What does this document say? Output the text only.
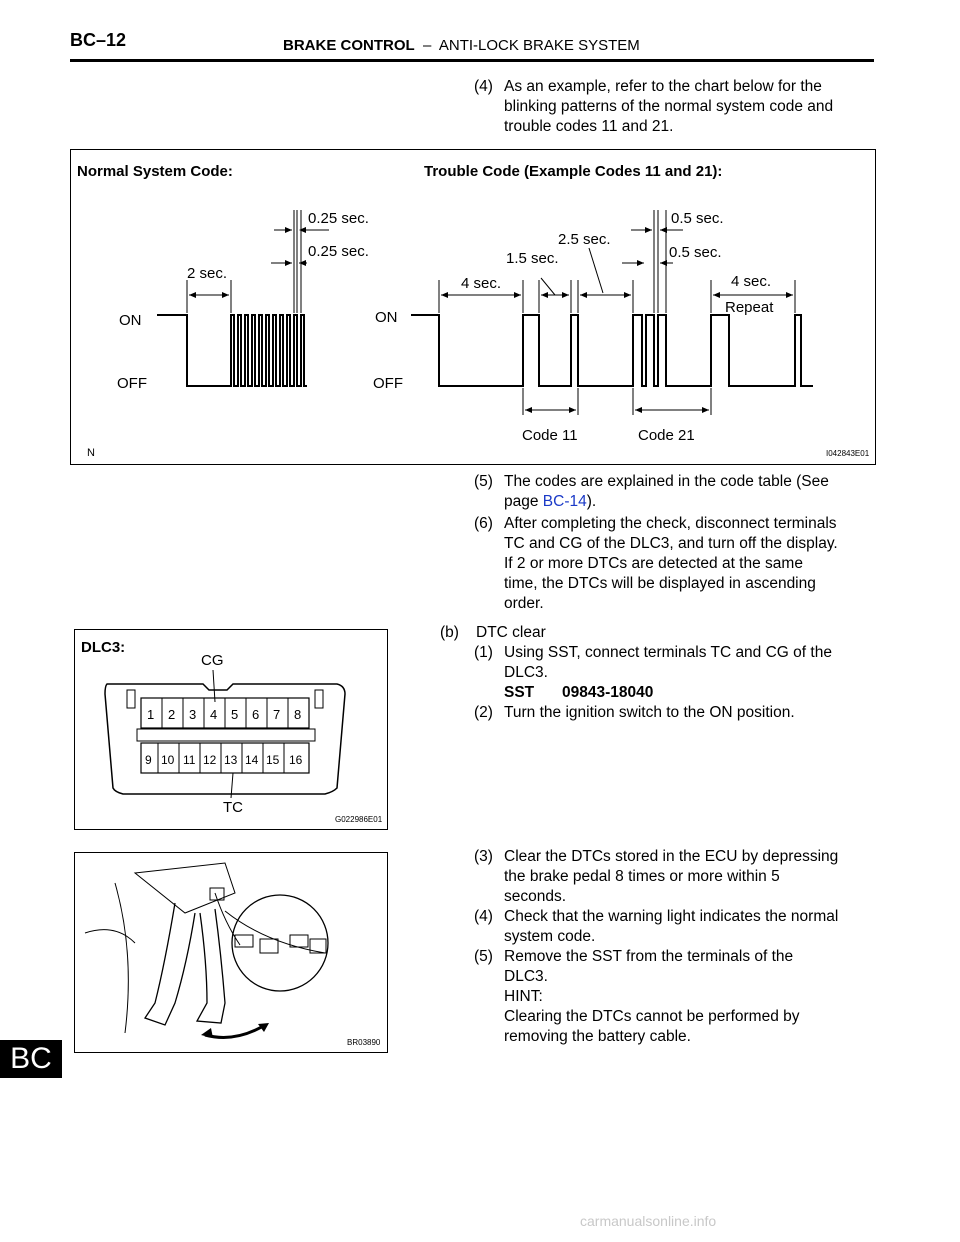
BC–12	BRAKE CONTROL – ANTI-LOCK BRAKE SYSTEM
(4) As an example, refer to the chart below for the
blinking patterns of the normal system code and
trouble codes 11 and 21.
Normal System Code:	Trouble Code (Example Codes 11 and 21):
ON
OFF
2 sec.
0.25 sec.
0.25 sec.
ON
OFF
4 sec.
1.5 sec.
2.5 sec.
0.5 sec.
0.5 sec.
4 sec.
Repeat
Code 11	Code 21
N	I042843E01
(5) The codes are explained in the code table (See
page BC-14).
(6) After completing the check, disconnect terminals
TC and CG of the DLC3, and turn off the display.
If 2 or more DTCs are detected at the same
time, the DTCs will be displayed in ascending
order.
(b) DTC clear
(1) Using SST, connect terminals TC and CG of the
DLC3.
SST 09843-18040
(2) Turn the ignition switch to the ON position.
DLC3:
CG
1 2 3 4 5 6 7 8
9 10 11 12 13 14 15 16
TC
G022986E01
BR03890
(3) Clear the DTCs stored in the ECU by depressing
the brake pedal 8 times or more within 5
seconds.
(4) Check that the warning light indicates the normal
system code.
(5) Remove the SST from the terminals of the
DLC3.
HINT:
Clearing the DTCs cannot be performed by
removing the battery cable.
BC
carmanualsonline.info
